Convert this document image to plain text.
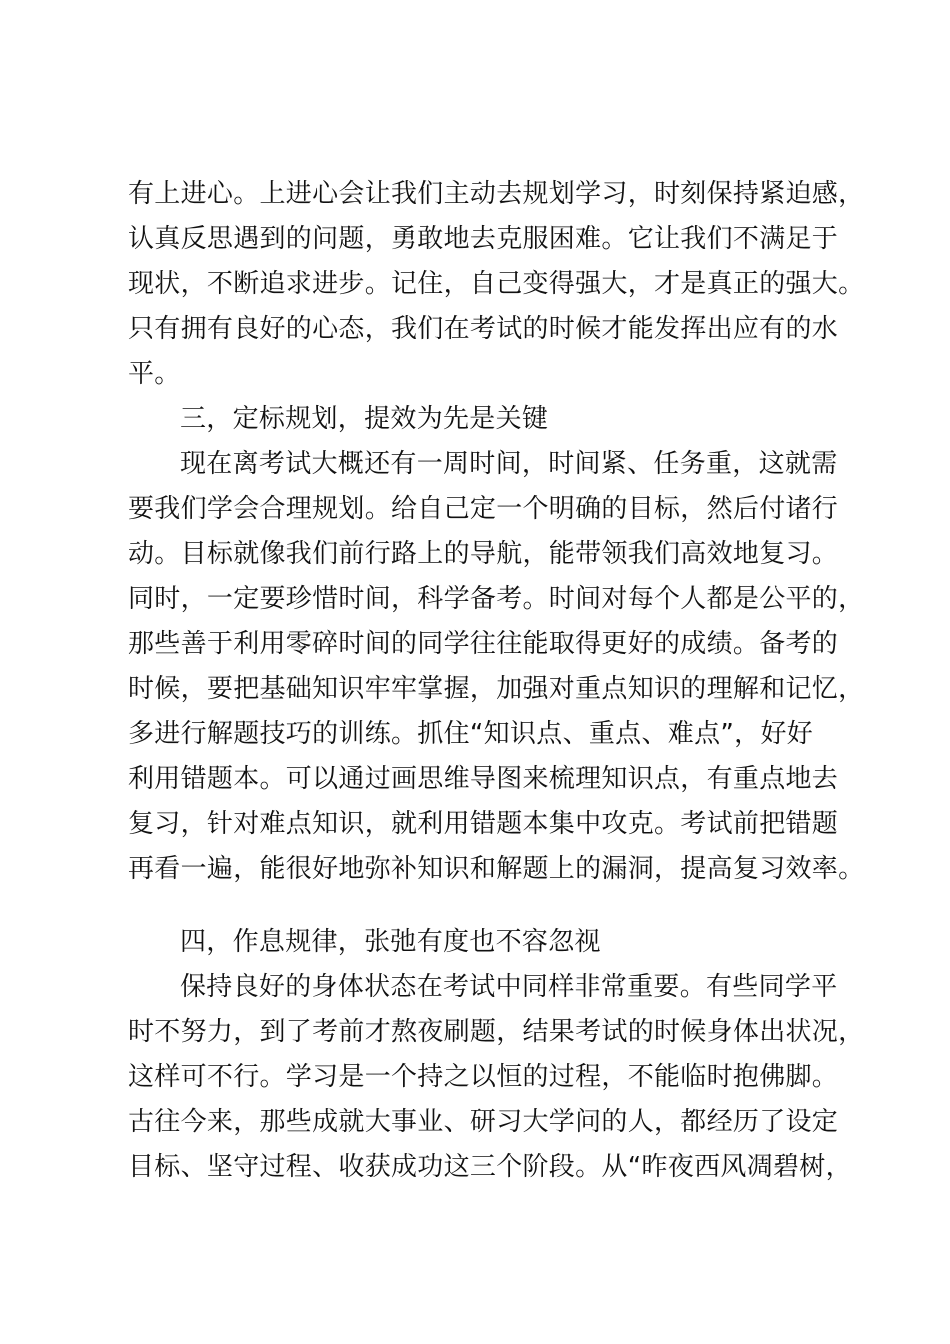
有上进心。上进心会让我们主动去规划学习，时刻保持紧迫感，

认真反思遇到的问题，勇敢地去克服困难。它让我们不满足于

现状，不断追求进步。记住，自己变得强大，才是真正的强大。

只有拥有良好的心态，我们在考试的时候才能发挥出应有的水

平。

三，定标规划，提效为先是关键

现在离考试大概还有一周时间，时间紧、任务重，这就需

要我们学会合理规划。给自己定一个明确的目标，然后付诸行

动。目标就像我们前行路上的导航，能带领我们高效地复习。

同时，一定要珍惜时间，科学备考。时间对每个人都是公平的，

那些善于利用零碎时间的同学往往能取得更好的成绩。备考的

时候，要把基础知识牢牢掌握，加强对重点知识的理解和记忆，

多进行解题技巧的训练。抓住“知识点、重点、难点”，好好

利用错题本。可以通过画思维导图来梳理知识点，有重点地去

复习，针对难点知识，就利用错题本集中攻克。考试前把错题

再看一遍，能很好地弥补知识和解题上的漏洞，提高复习效率。

四，作息规律，张弛有度也不容忽视

保持良好的身体状态在考试中同样非常重要。有些同学平

时不努力，到了考前才熬夜刷题，结果考试的时候身体出状况，

这样可不行。学习是一个持之以恒的过程，不能临时抱佛脚。

古往今来，那些成就大事业、研习大学问的人，都经历了设定

目标、坚守过程、收获成功这三个阶段。从“昨夜西风凋碧树，
